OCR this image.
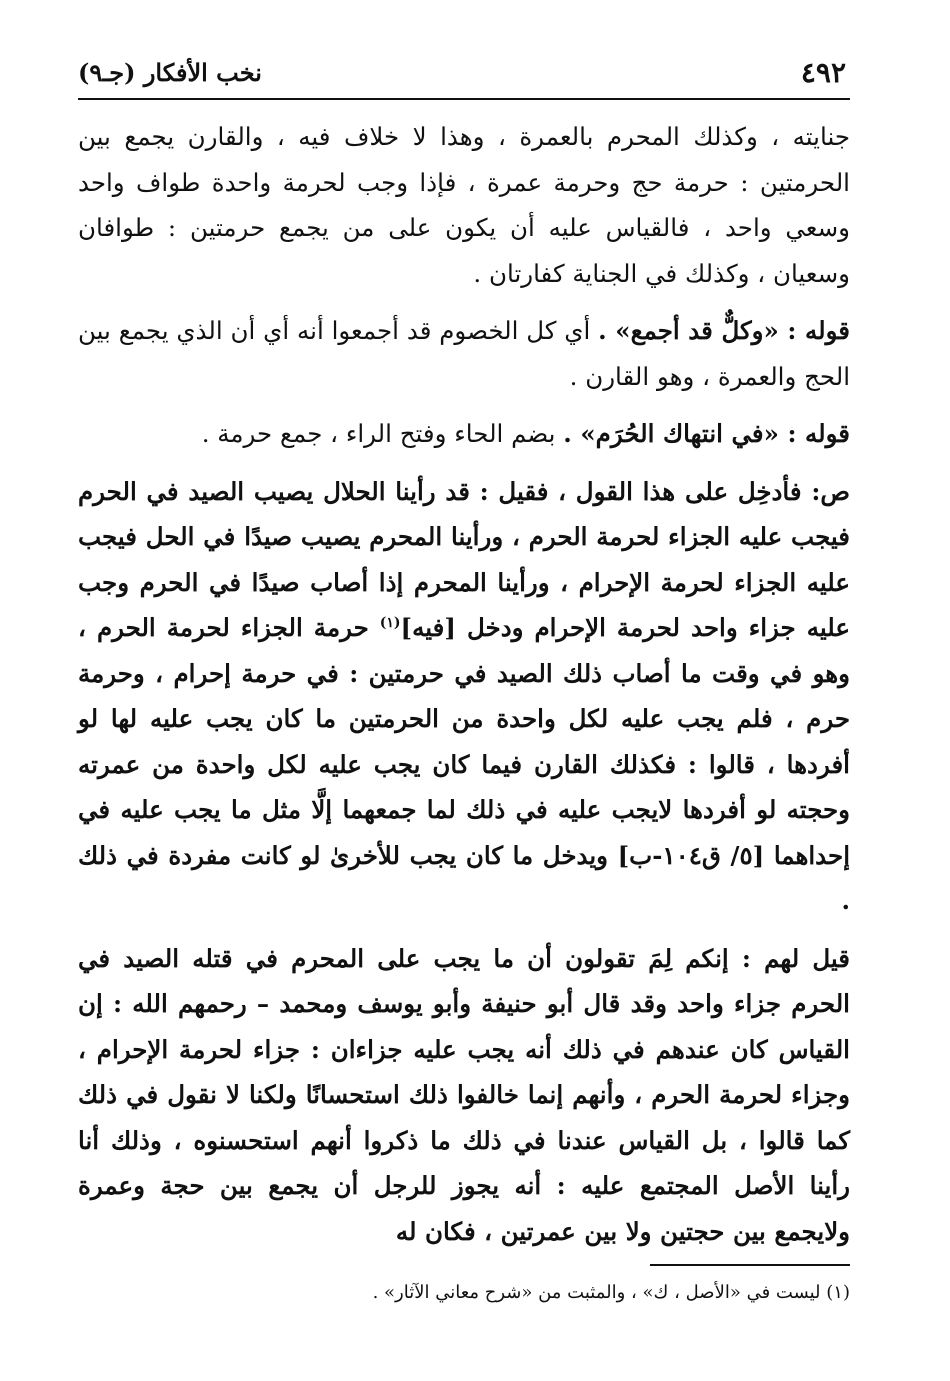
٤٩٢
نخب الأفكار (جـ٩)

جنايته ، وكذلك المحرم بالعمرة ، وهذا لا خلاف فيه ، والقارن يجمع بين الحرمتين : حرمة حج وحرمة عمرة ، فإذا وجب لحرمة واحدة طواف واحد وسعي واحد ، فالقياس عليه أن يكون على من يجمع حرمتين : طوافان وسعيان ، وكذلك في الجناية كفارتان .

قوله : «وكلٌّ قد أجمع» . أي كل الخصوم قد أجمعوا أنه أي أن الذي يجمع بين الحج والعمرة ، وهو القارن .

قوله : «في انتهاك الحُرَم» . بضم الحاء وفتح الراء ، جمع حرمة .

ص: فأدخِل على هذا القول ، فقيل : قد رأينا الحلال يصيب الصيد في الحرم فيجب عليه الجزاء لحرمة الحرم ، ورأينا المحرم يصيب صيدًا في الحل فيجب عليه الجزاء لحرمة الإحرام ، ورأينا المحرم إذا أصاب صيدًا في الحرم وجب عليه جزاء واحد لحرمة الإحرام ودخل [فيه]$^{(١)}$ حرمة الجزاء لحرمة الحرم ، وهو في وقت ما أصاب ذلك الصيد في حرمتين : في حرمة إحرام ، وحرمة حرم ، فلم يجب عليه لكل واحدة من الحرمتين ما كان يجب عليه لها لو أفردها ، قالوا : فكذلك القارن فيما كان يجب عليه لكل واحدة من عمرته وحجته لو أفردها لايجب عليه في ذلك لما جمعهما إلَّا مثل ما يجب عليه في إحداهما [٥/ ق١٠٤-ب] ويدخل ما كان يجب للأخرىٰ لو كانت مفردة في ذلك .

قيل لهم : إنكم لِمَ تقولون أن ما يجب على المحرم في قتله الصيد في الحرم جزاء واحد وقد قال أبو حنيفة وأبو يوسف ومحمد – رحمهم الله : إن القياس كان عندهم في ذلك أنه يجب عليه جزاءان : جزاء لحرمة الإحرام ، وجزاء لحرمة الحرم ، وأنهم إنما خالفوا ذلك استحسانًا ولكنا لا نقول في ذلك كما قالوا ، بل القياس عندنا في ذلك ما ذكروا أنهم استحسنوه ، وذلك أنا رأينا الأصل المجتمع عليه : أنه يجوز للرجل أن يجمع بين حجة وعمرة ولايجمع بين حجتين ولا بين عمرتين ، فكان له

(١) ليست في «الأصل ، ك» ، والمثبت من «شرح معاني الآثار» .
